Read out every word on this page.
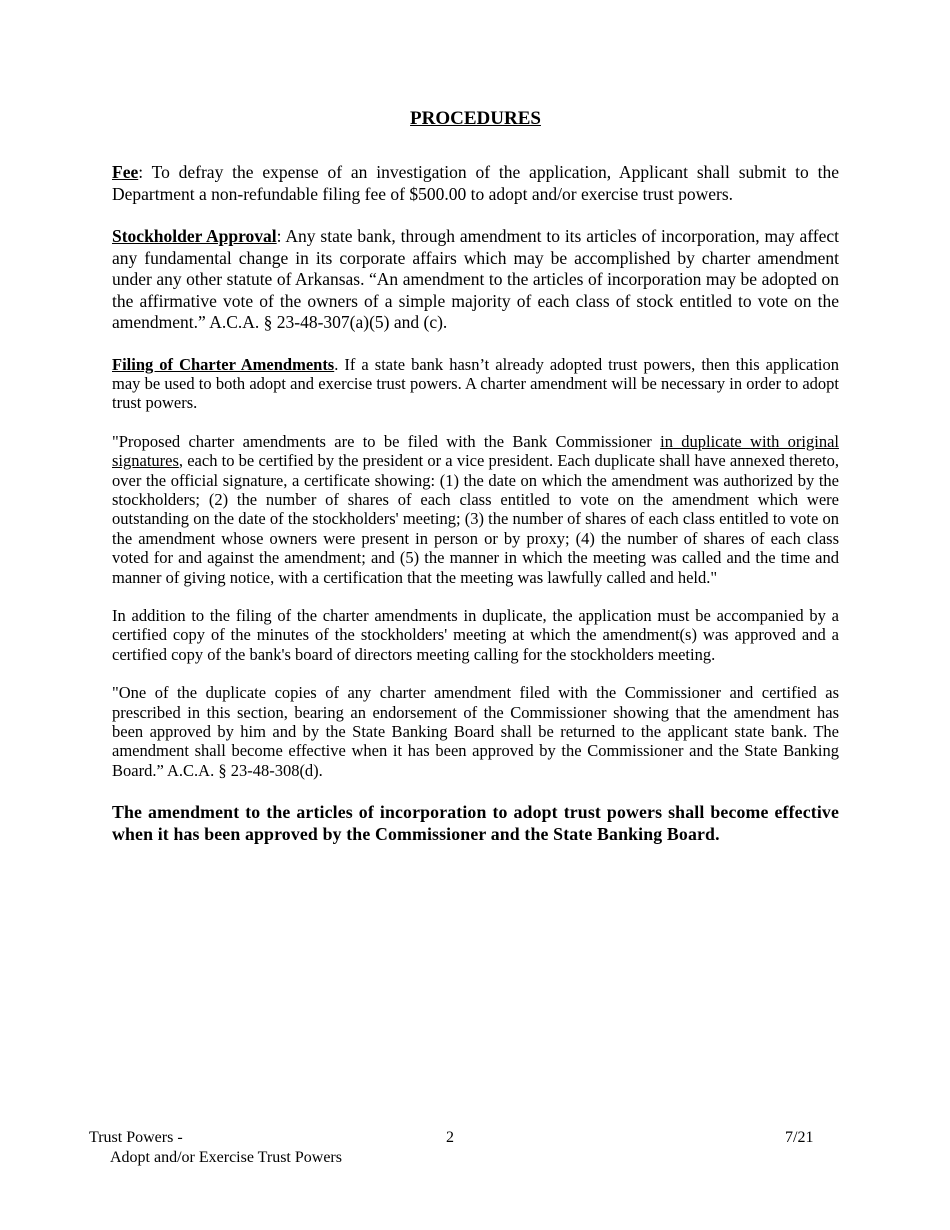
PROCEDURES

Fee: To defray the expense of an investigation of the application, Applicant shall submit to the Department a non-refundable filing fee of $500.00 to adopt and/or exercise trust powers.

Stockholder Approval: Any state bank, through amendment to its articles of incorporation, may affect any fundamental change in its corporate affairs which may be accomplished by charter amendment under any other statute of Arkansas. “An amendment to the articles of incorporation may be adopted on the affirmative vote of the owners of a simple majority of each class of stock entitled to vote on the amendment.” A.C.A. § 23-48-307(a)(5) and (c).

Filing of Charter Amendments. If a state bank hasn’t already adopted trust powers, then this application may be used to both adopt and exercise trust powers. A charter amendment will be necessary in order to adopt trust powers.

"Proposed charter amendments are to be filed with the Bank Commissioner in duplicate with original signatures, each to be certified by the president or a vice president. Each duplicate shall have annexed thereto, over the official signature, a certificate showing: (1) the date on which the amendment was authorized by the stockholders; (2) the number of shares of each class entitled to vote on the amendment which were outstanding on the date of the stockholders' meeting; (3) the number of shares of each class entitled to vote on the amendment whose owners were present in person or by proxy; (4) the number of shares of each class voted for and against the amendment; and (5) the manner in which the meeting was called and the time and manner of giving notice, with a certification that the meeting was lawfully called and held."

In addition to the filing of the charter amendments in duplicate, the application must be accompanied by a certified copy of the minutes of the stockholders' meeting at which the amendment(s) was approved and a certified copy of the bank's board of directors meeting calling for the stockholders meeting.

"One of the duplicate copies of any charter amendment filed with the Commissioner and certified as prescribed in this section, bearing an endorsement of the Commissioner showing that the amendment has been approved by him and by the State Banking Board shall be returned to the applicant state bank. The amendment shall become effective when it has been approved by the Commissioner and the State Banking Board.” A.C.A. § 23-48-308(d).

The amendment to the articles of incorporation to adopt trust powers shall become effective when it has been approved by the Commissioner and the State Banking Board.

Trust Powers -
Adopt and/or Exercise Trust Powers
2	7/21
